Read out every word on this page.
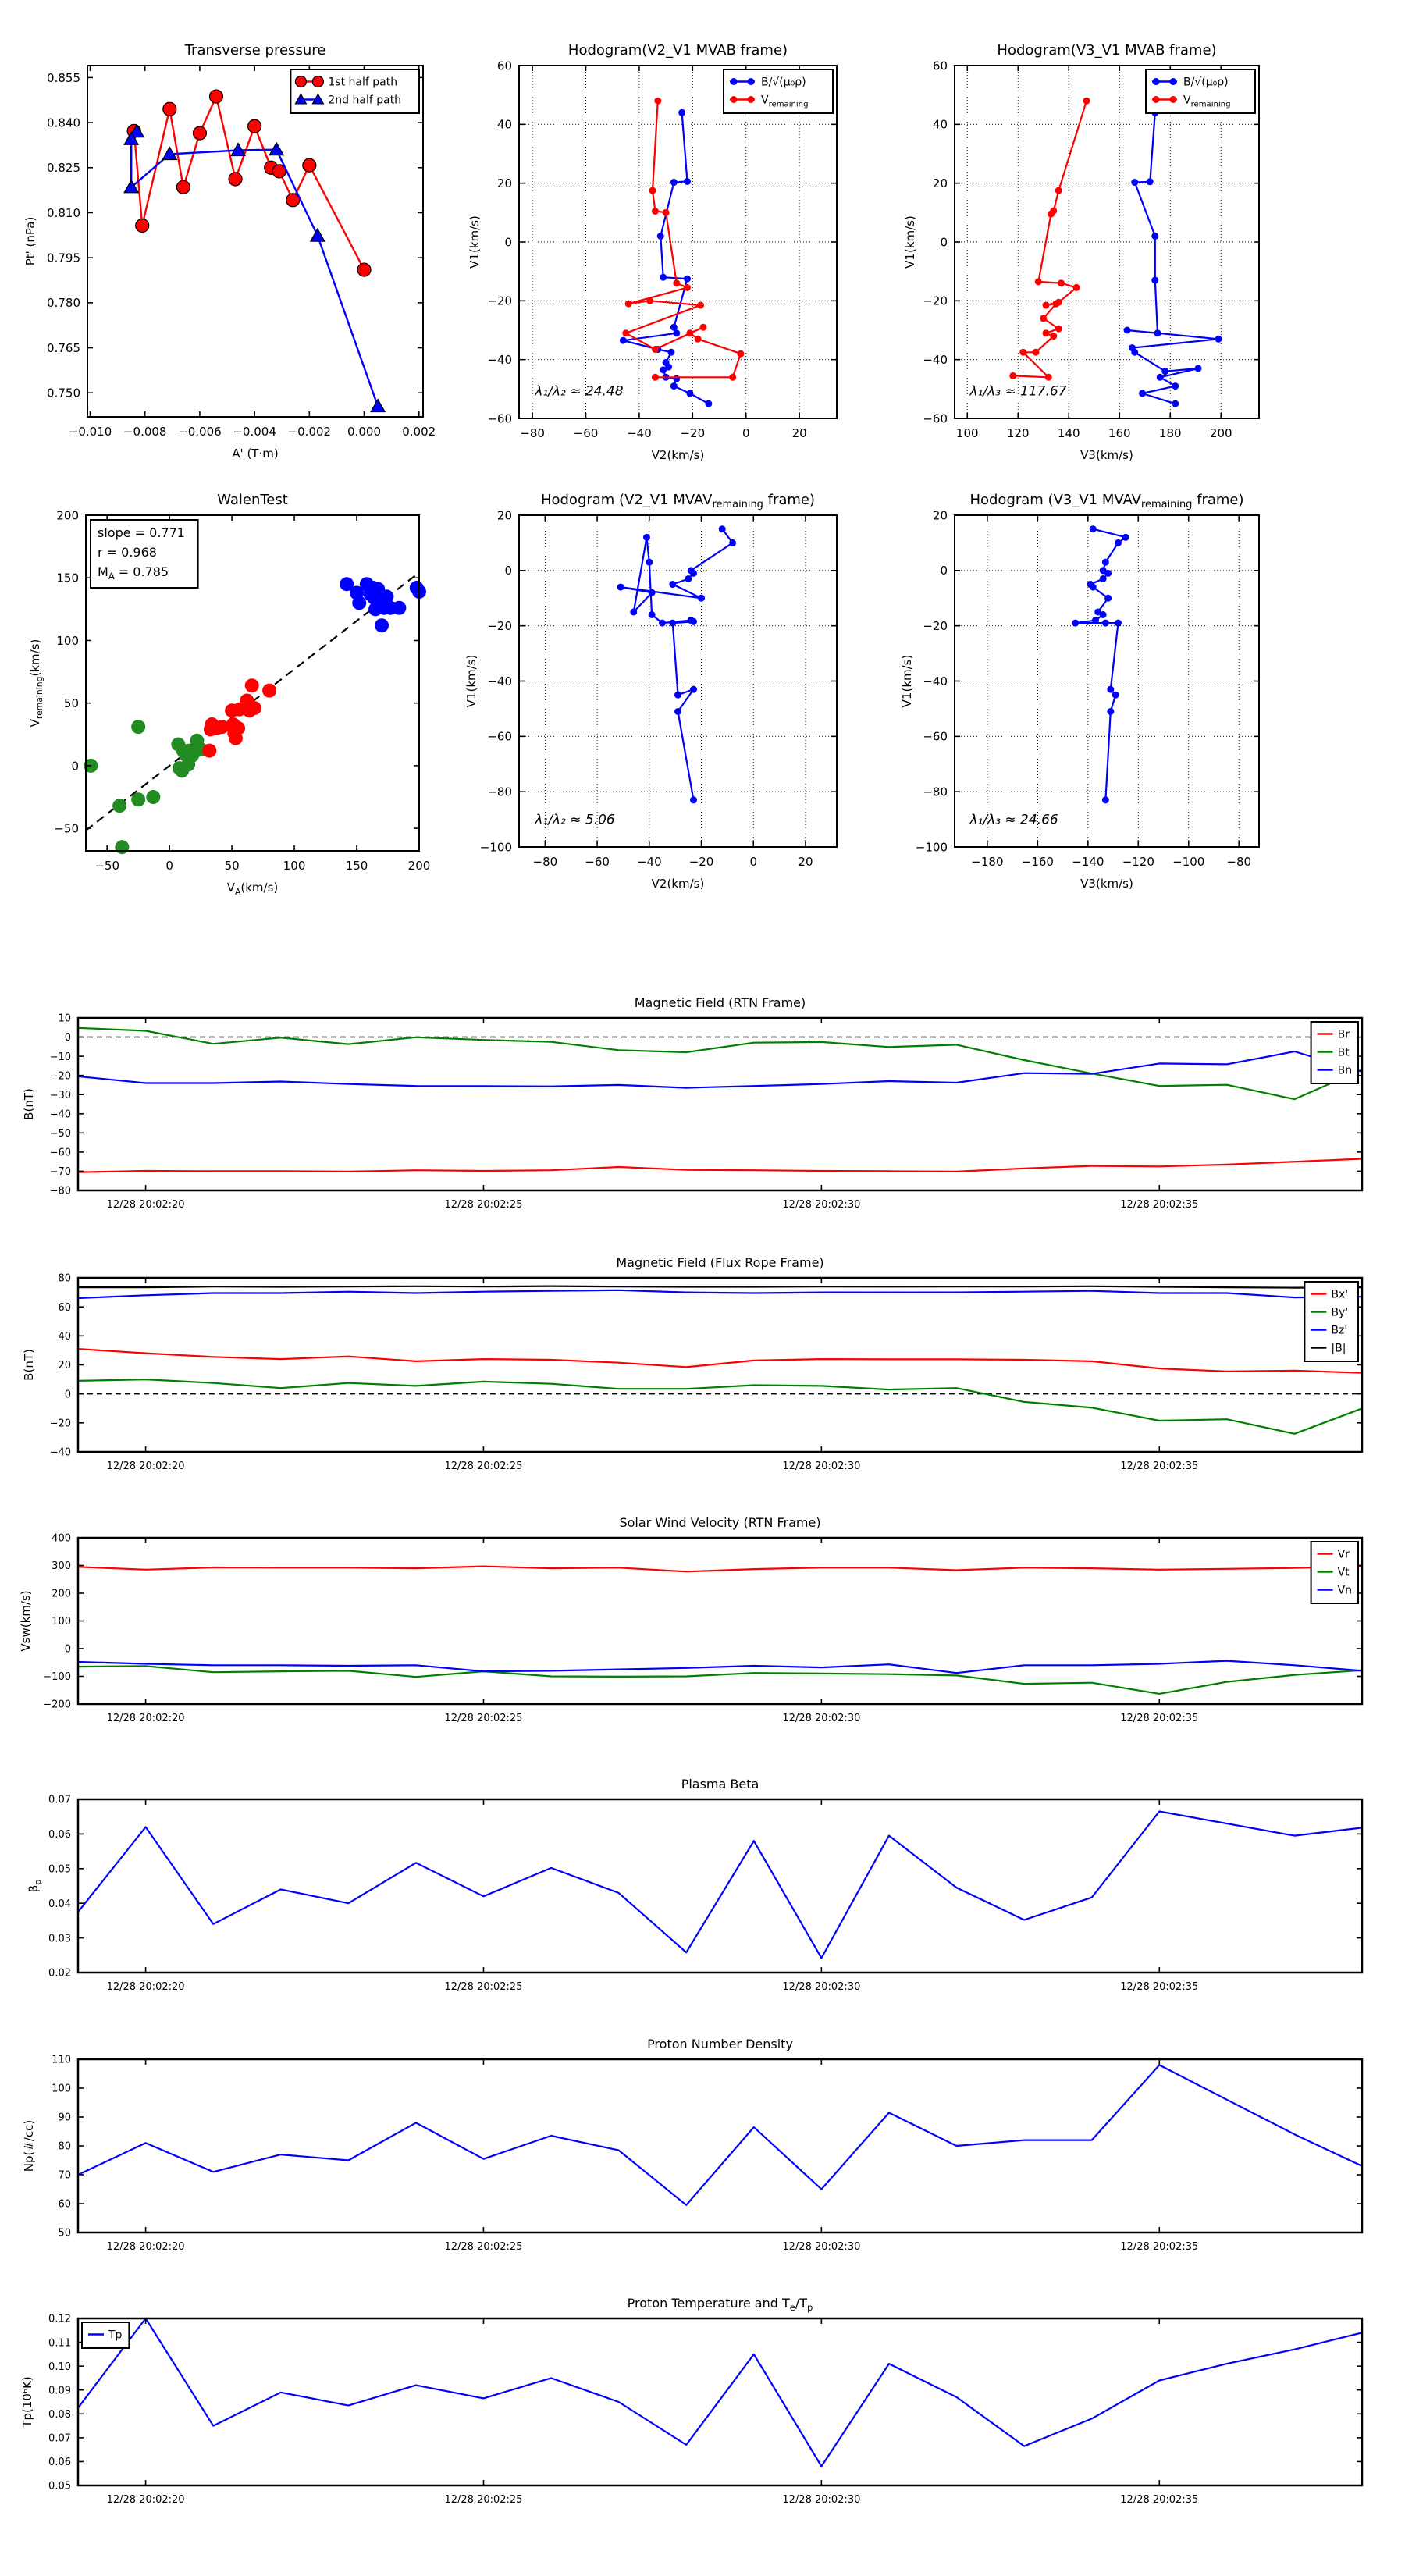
−0.010 −0.008 −0.006 −0.004 −0.002 0.000 0.002
0.750
0.765
0.780
0.795
0.810
0.825
0.840
0.855
Transverse pressure
A' (T·m)
Pt' (nPa)
1st half path
2nd half path
−80 −60 −40 −20	0	20
−60
−40
−20
0
20
40
60
Hodogram(V2_V1 MVAB frame)
V2(km/s)
V1(km/s)
λ₁/λ₂ ≈ 24.48
B/√(μ₀ρ)
$V_{remaining}$
100 120 140 160 180 200
−60
−40
−20
0
20
40
60
Hodogram(V3_V1 MVAB frame)
V3(km/s)
V1(km/s)
λ₁/λ₃ ≈ 117.67
B/√(μ₀ρ)
$V_{remaining}$
−50	0	50	100	150	200
−50
0
50
100
150
200
WalenTest
$V_A(km/s)$
$V_{remaining}(km/s)$
slope = 0.771
r = 0.968
$M_A = 0.785$
−80 −60 −40 −20	0	20
−100
−80
−60
−40
−20
0
20
Hodogram (V2_V1 $MVAV_{remaining}$ frame)
V2(km/s)
V1(km/s)
λ₁/λ₂ ≈ 5.06
−180 −160 −140 −120 −100 −80
−100
−80
−60
−40
−20
0
20
Hodogram (V3_V1 $MVAV_{remaining}$ frame)
V3(km/s)
V1(km/s)
λ₁/λ₃ ≈ 24.66
12/28 20:02:20	12/28 20:02:25	12/28 20:02:30	12/28 20:02:35
−80
−70
−60
−50
−40
−30
−20
−10
0
10
Magnetic Field (RTN Frame)
B(nT)
Br
Bt
Bn
12/28 20:02:20	12/28 20:02:25	12/28 20:02:30	12/28 20:02:35
−40
−20
0
20
40
60
80
Magnetic Field (Flux Rope Frame)
B(nT)
Bx'
By'
Bz'
|B|
12/28 20:02:20	12/28 20:02:25	12/28 20:02:30	12/28 20:02:35
−200
−100
0
100
200
300
400
Solar Wind Velocity (RTN Frame)
Vsw(km/s)
Vr
Vt
Vn
12/28 20:02:20	12/28 20:02:25	12/28 20:02:30	12/28 20:02:35
0.02
0.03
0.04
0.05
0.06
0.07
Plasma Beta
$\beta_p$
12/28 20:02:20	12/28 20:02:25	12/28 20:02:30	12/28 20:02:35
50
60
70
80
90
100
110
Proton Number Density
Np(#/cc)
12/28 20:02:20	12/28 20:02:25	12/28 20:02:30	12/28 20:02:35
0.05
0.06
0.07
0.08
0.09
0.10
0.11
0.12
Proton Temperature and $T_e/T_p$
Tp(10⁶K)
Tp
